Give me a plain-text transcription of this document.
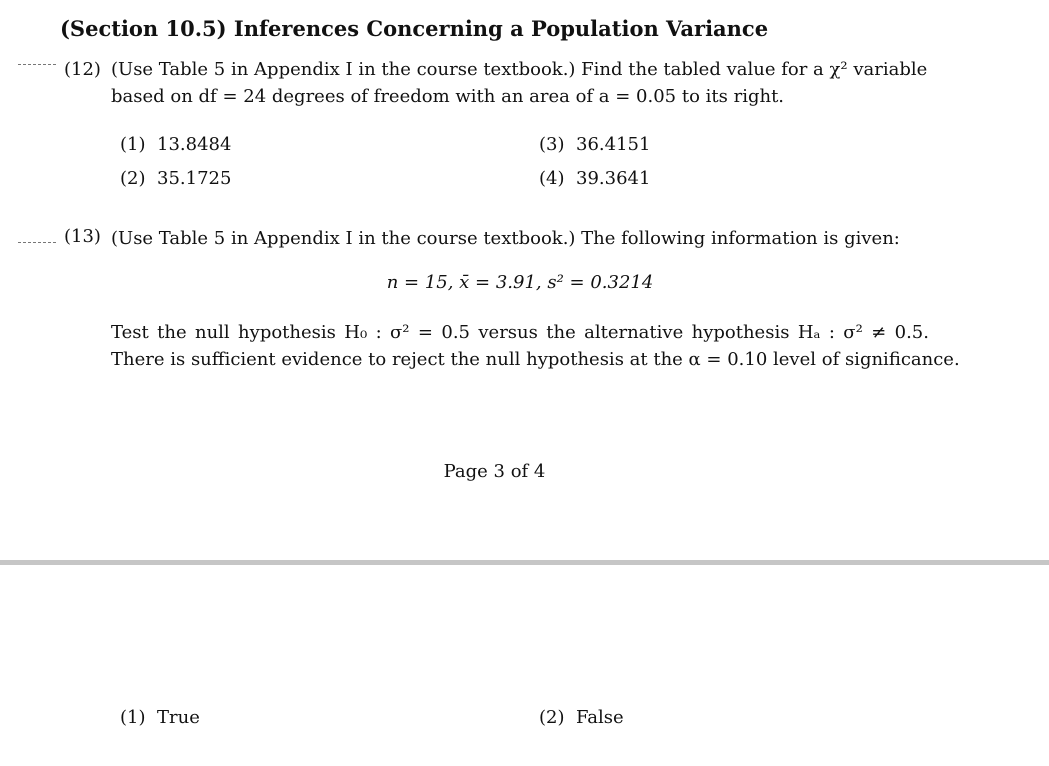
(Section 10.5) Inferences Concerning a Population Variance
(12) (Use Table 5 in Appendix I in the course textbook.) Find the tabled value for a χ² variable
based on df = 24 degrees of freedom with an area of a = 0.05 to its right.
(1) 13.8484
(2) 35.1725
(3) 36.4151
(4) 39.3641
(13) (Use Table 5 in Appendix I in the course textbook.) The following information is given:
n = 15, x̄ = 3.91, s² = 0.3214
Test the null hypothesis H₀ : σ² = 0.5 versus the alternative hypothesis Hₐ : σ² ≠ 0.5.
There is sufficient evidence to reject the null hypothesis at the α = 0.10 level of significance.
Page 3 of 4
(1) True	(2) False
